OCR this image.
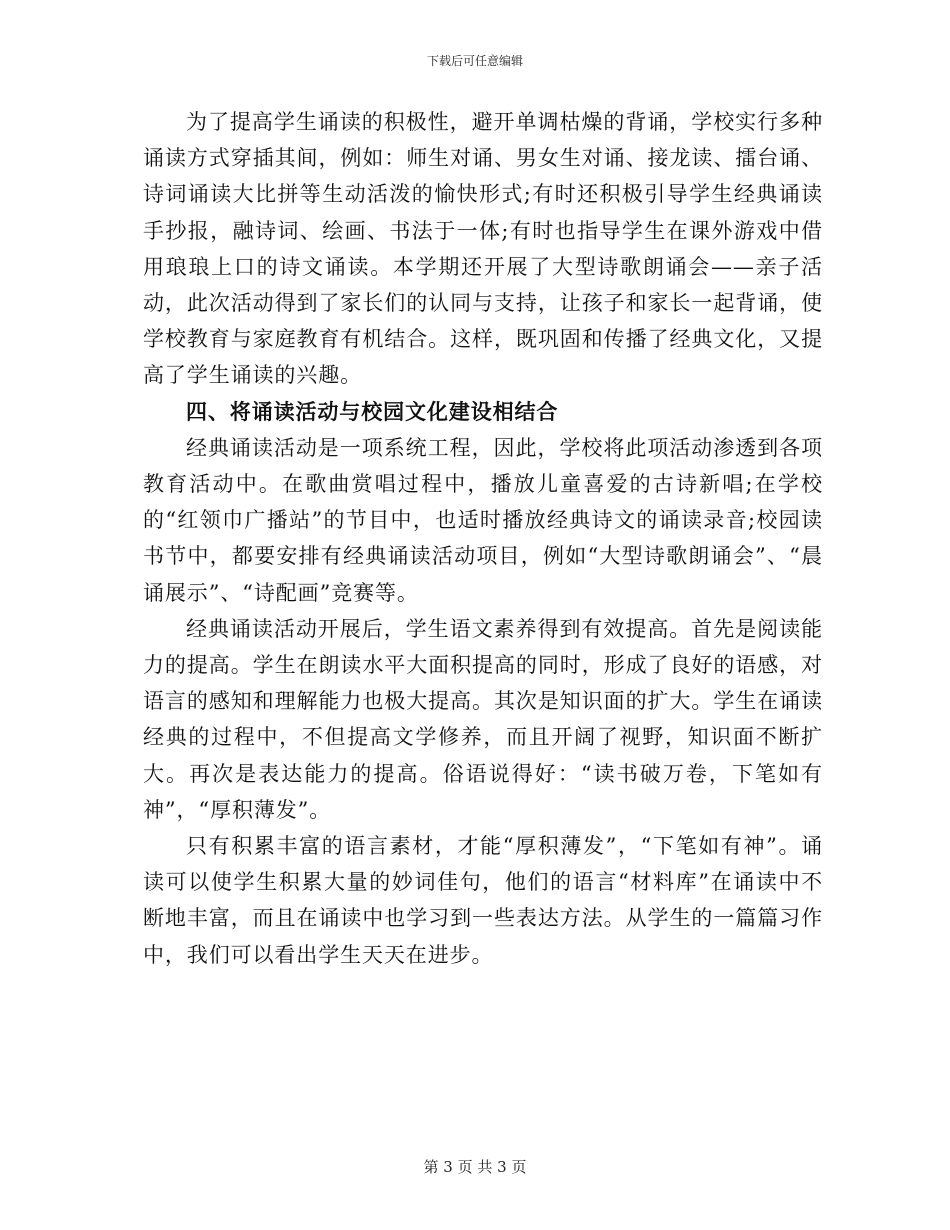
下载后可任意编辑

为了提高学生诵读的积极性，避开单调枯燥的背诵，学校实行多种诵读方式穿插其间，例如：师生对诵、男女生对诵、接龙读、擂台诵、诗词诵读大比拼等生动活泼的愉快形式;有时还积极引导学生经典诵读手抄报，融诗词、绘画、书法于一体;有时也指导学生在课外游戏中借用琅琅上口的诗文诵读。本学期还开展了大型诗歌朗诵会——亲子活动，此次活动得到了家长们的认同与支持，让孩子和家长一起背诵，使学校教育与家庭教育有机结合。这样，既巩固和传播了经典文化，又提高了学生诵读的兴趣。

四、将诵读活动与校园文化建设相结合

经典诵读活动是一项系统工程，因此，学校将此项活动渗透到各项教育活动中。在歌曲赏唱过程中，播放儿童喜爱的古诗新唱;在学校的“红领巾广播站”的节目中，也适时播放经典诗文的诵读录音;校园读书节中，都要安排有经典诵读活动项目，例如“大型诗歌朗诵会”、“晨诵展示”、“诗配画”竞赛等。

经典诵读活动开展后，学生语文素养得到有效提高。首先是阅读能力的提高。学生在朗读水平大面积提高的同时，形成了良好的语感，对语言的感知和理解能力也极大提高。其次是知识面的扩大。学生在诵读经典的过程中，不但提高文学修养，而且开阔了视野，知识面不断扩大。再次是表达能力的提高。俗语说得好：“读书破万卷，下笔如有神”，“厚积薄发”。

只有积累丰富的语言素材，才能“厚积薄发”，“下笔如有神”。诵读可以使学生积累大量的妙词佳句，他们的语言“材料库”在诵读中不断地丰富，而且在诵读中也学习到一些表达方法。从学生的一篇篇习作中，我们可以看出学生天天在进步。

第 3 页 共 3 页
